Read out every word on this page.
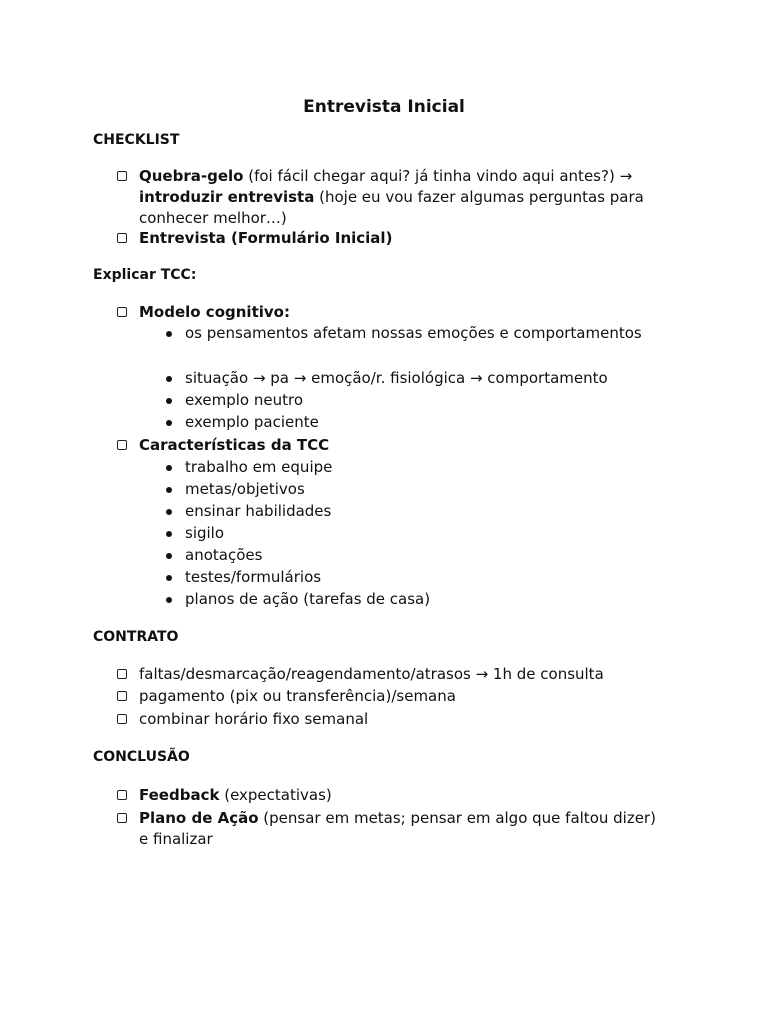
Entrevista Inicial

CHECKLIST

Quebra-gelo (foi fácil chegar aqui? já tinha vindo aqui antes?) → introduzir entrevista (hoje eu vou fazer algumas perguntas para conhecer melhor…)
Entrevista (Formulário Inicial)

Explicar TCC:

Modelo cognitivo:
os pensamentos afetam nossas emoções e comportamentos
situação → pa → emoção/r. fisiológica → comportamento
exemplo neutro
exemplo paciente
Características da TCC
trabalho em equipe
metas/objetivos
ensinar habilidades
sigilo
anotações
testes/formulários
planos de ação (tarefas de casa)

CONTRATO

faltas/desmarcação/reagendamento/atrasos → 1h de consulta
pagamento (pix ou transferência)/semana
combinar horário fixo semanal

CONCLUSÃO

Feedback (expectativas)
Plano de Ação (pensar em metas; pensar em algo que faltou dizer) e finalizar
